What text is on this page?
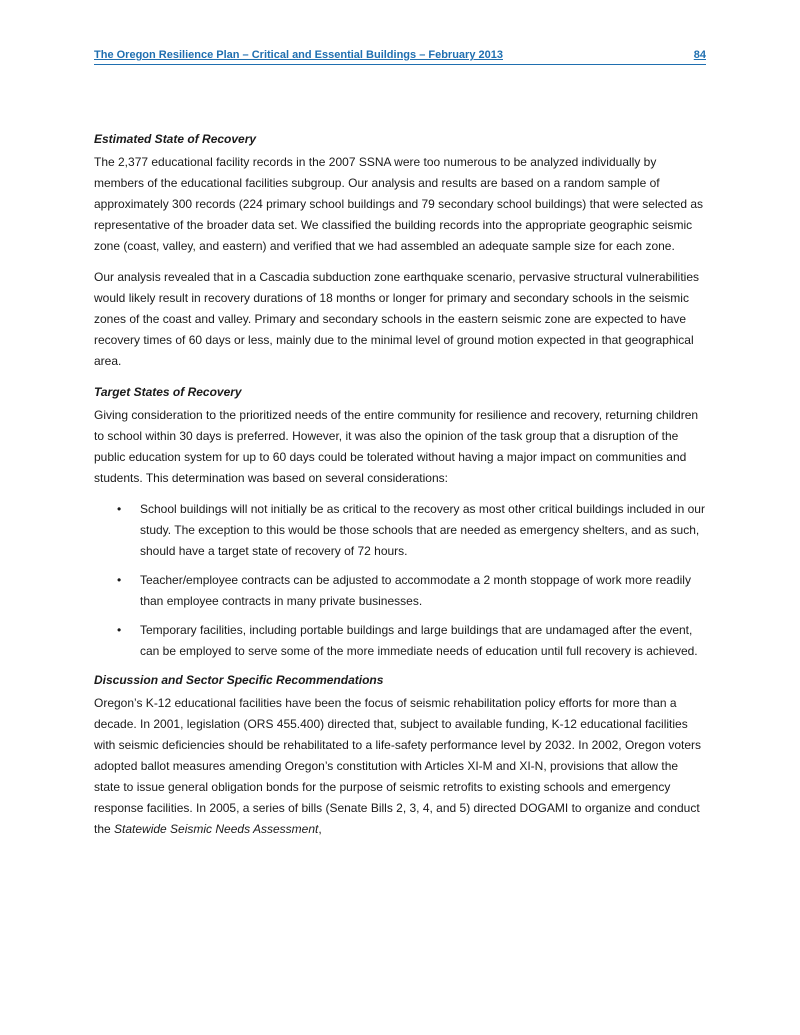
The Oregon Resilience Plan – Critical and Essential Buildings – February 2013	84

Estimated State of Recovery

The 2,377 educational facility records in the 2007 SSNA were too numerous to be analyzed individually by members of the educational facilities subgroup. Our analysis and results are based on a random sample of approximately 300 records (224 primary school buildings and 79 secondary school buildings) that were selected as representative of the broader data set. We classified the building records into the appropriate geographic seismic zone (coast, valley, and eastern) and verified that we had assembled an adequate sample size for each zone.

Our analysis revealed that in a Cascadia subduction zone earthquake scenario, pervasive structural vulnerabilities would likely result in recovery durations of 18 months or longer for primary and secondary schools in the seismic zones of the coast and valley. Primary and secondary schools in the eastern seismic zone are expected to have recovery times of 60 days or less, mainly due to the minimal level of ground motion expected in that geographical area.

Target States of Recovery

Giving consideration to the prioritized needs of the entire community for resilience and recovery, returning children to school within 30 days is preferred. However, it was also the opinion of the task group that a disruption of the public education system for up to 60 days could be tolerated without having a major impact on communities and students. This determination was based on several considerations:

• School buildings will not initially be as critical to the recovery as most other critical buildings included in our study. The exception to this would be those schools that are needed as emergency shelters, and as such, should have a target state of recovery of 72 hours.
• Teacher/employee contracts can be adjusted to accommodate a 2 month stoppage of work more readily than employee contracts in many private businesses.
• Temporary facilities, including portable buildings and large buildings that are undamaged after the event, can be employed to serve some of the more immediate needs of education until full recovery is achieved.

Discussion and Sector Specific Recommendations

Oregon’s K-12 educational facilities have been the focus of seismic rehabilitation policy efforts for more than a decade. In 2001, legislation (ORS 455.400) directed that, subject to available funding, K-12 educational facilities with seismic deficiencies should be rehabilitated to a life-safety performance level by 2032. In 2002, Oregon voters adopted ballot measures amending Oregon’s constitution with Articles XI-M and XI-N, provisions that allow the state to issue general obligation bonds for the purpose of seismic retrofits to existing schools and emergency response facilities. In 2005, a series of bills (Senate Bills 2, 3, 4, and 5) directed DOGAMI to organize and conduct the Statewide Seismic Needs Assessment,
